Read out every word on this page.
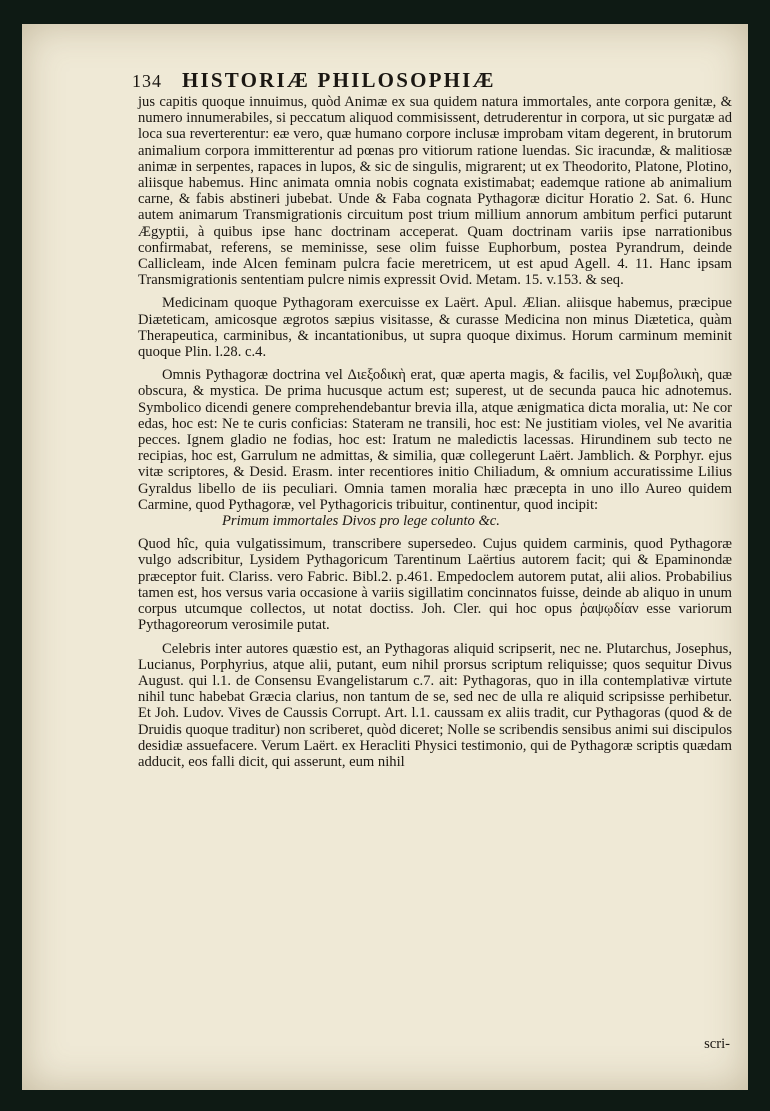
134 HISTORIÆ PHILOSOPHIÆ

jus capitis quoque innuimus, quòd Animæ ex sua quidem natura immortales, ante corpora genitæ, & numero innumerabiles, si peccatum aliquod commisissent, detruderentur in corpora, ut sic purgatæ ad loca sua reverterentur: eæ vero, quæ humano corpore inclusæ improbam vitam degerent, in brutorum animalium corpora immitterentur ad pœnas pro vitiorum ratione luendas. Sic iracundæ, & malitiosæ animæ in serpentes, rapaces in lupos, & sic de singulis, migrarent; ut ex Theodorito, Platone, Plotino, aliisque habemus. Hinc animata omnia nobis cognata existimabat; eademque ratione ab animalium carne, & fabis abstineri jubebat. Unde & Faba cognata Pythagoræ dicitur Horatio 2. Sat. 6. Hunc autem animarum Transmigrationis circuitum post trium millium annorum ambitum perfici putarunt Ægyptii, à quibus ipse hanc doctrinam acceperat. Quam doctrinam variis ipse narrationibus confirmabat, referens, se meminisse, sese olim fuisse Euphorbum, postea Pyrandrum, deinde Callicleam, inde Alcen feminam pulcra facie meretricem, ut est apud Agell. 4. 11. Hanc ipsam Transmigrationis sententiam pulcre nimis expressit Ovid. Metam. 15. v.153. & seq.

Medicinam quoque Pythagoram exercuisse ex Laërt. Apul. Ælian. aliisque habemus, præcipue Diæteticam, amicosque ægrotos sæpius visitasse, & curasse Medicina non minus Diætetica, quàm Therapeutica, carminibus, & incantationibus, ut supra quoque diximus. Horum carminum meminit quoque Plin. l.28. c.4.

Omnis Pythagoræ doctrina vel Διεξοδικὴ erat, quæ aperta magis, & facilis, vel Συμβολικὴ, quæ obscura, & mystica. De prima hucusque actum est; superest, ut de secunda pauca hic adnotemus. Symbolico dicendi genere comprehendebantur brevia illa, atque ænigmatica dicta moralia, ut: Ne cor edas, hoc est: Ne te curis conficias: Stateram ne transili, hoc est: Ne justitiam violes, vel Ne avaritia pecces. Ignem gladio ne fodias, hoc est: Iratum ne maledictis lacessas. Hirundinem sub tecto ne recipias, hoc est, Garrulum ne admittas, & similia, quæ collegerunt Laërt. Jamblich. & Porphyr. ejus vitæ scriptores, & Desid. Erasm. inter recentiores initio Chiliadum, & omnium accuratissime Lilius Gyraldus libello de iis peculiari. Omnia tamen moralia hæc præcepta in uno illo Aureo quidem Carmine, quod Pythagoræ, vel Pythagoricis tribuitur, continentur, quod incipit:

Primum immortales Divos pro lege colunto &c.

Quod hîc, quia vulgatissimum, transcribere supersedeo. Cujus quidem carminis, quod Pythagoræ vulgo adscribitur, Lysidem Pythagoricum Tarentinum Laërtius autorem facit; qui & Epaminondæ præceptor fuit. Clariss. vero Fabric. Bibl.2. p.461. Empedoclem autorem putat, alii alios. Probabilius tamen est, hos versus varia occasione à variis sigillatim concinnatos fuisse, deinde ab aliquo in unum corpus utcumque collectos, ut notat doctiss. Joh. Cler. qui hoc opus ῥαψῳδίαν esse variorum Pythagoreorum verosimile putat.

Celebris inter autores quæstio est, an Pythagoras aliquid scripserit, nec ne. Plutarchus, Josephus, Lucianus, Porphyrius, atque alii, putant, eum nihil prorsus scriptum reliquisse; quos sequitur Divus August. qui l.1. de Consensu Evangelistarum c.7. ait: Pythagoras, quo in illa contemplativæ virtute nihil tunc habebat Græcia clarius, non tantum de se, sed nec de ulla re aliquid scripsisse perhibetur. Et Joh. Ludov. Vives de Caussis Corrupt. Art. l.1. caussam ex aliis tradit, cur Pythagoras (quod & de Druidis quoque traditur) non scriberet, quòd diceret; Nolle se scribendis sensibus animi sui discipulos desidiæ assuefacere. Verum Laërt. ex Heracliti Physici testimonio, qui de Pythagoræ scriptis quædam adducit, eos falli dicit, qui asserunt, eum nihil

scri-
